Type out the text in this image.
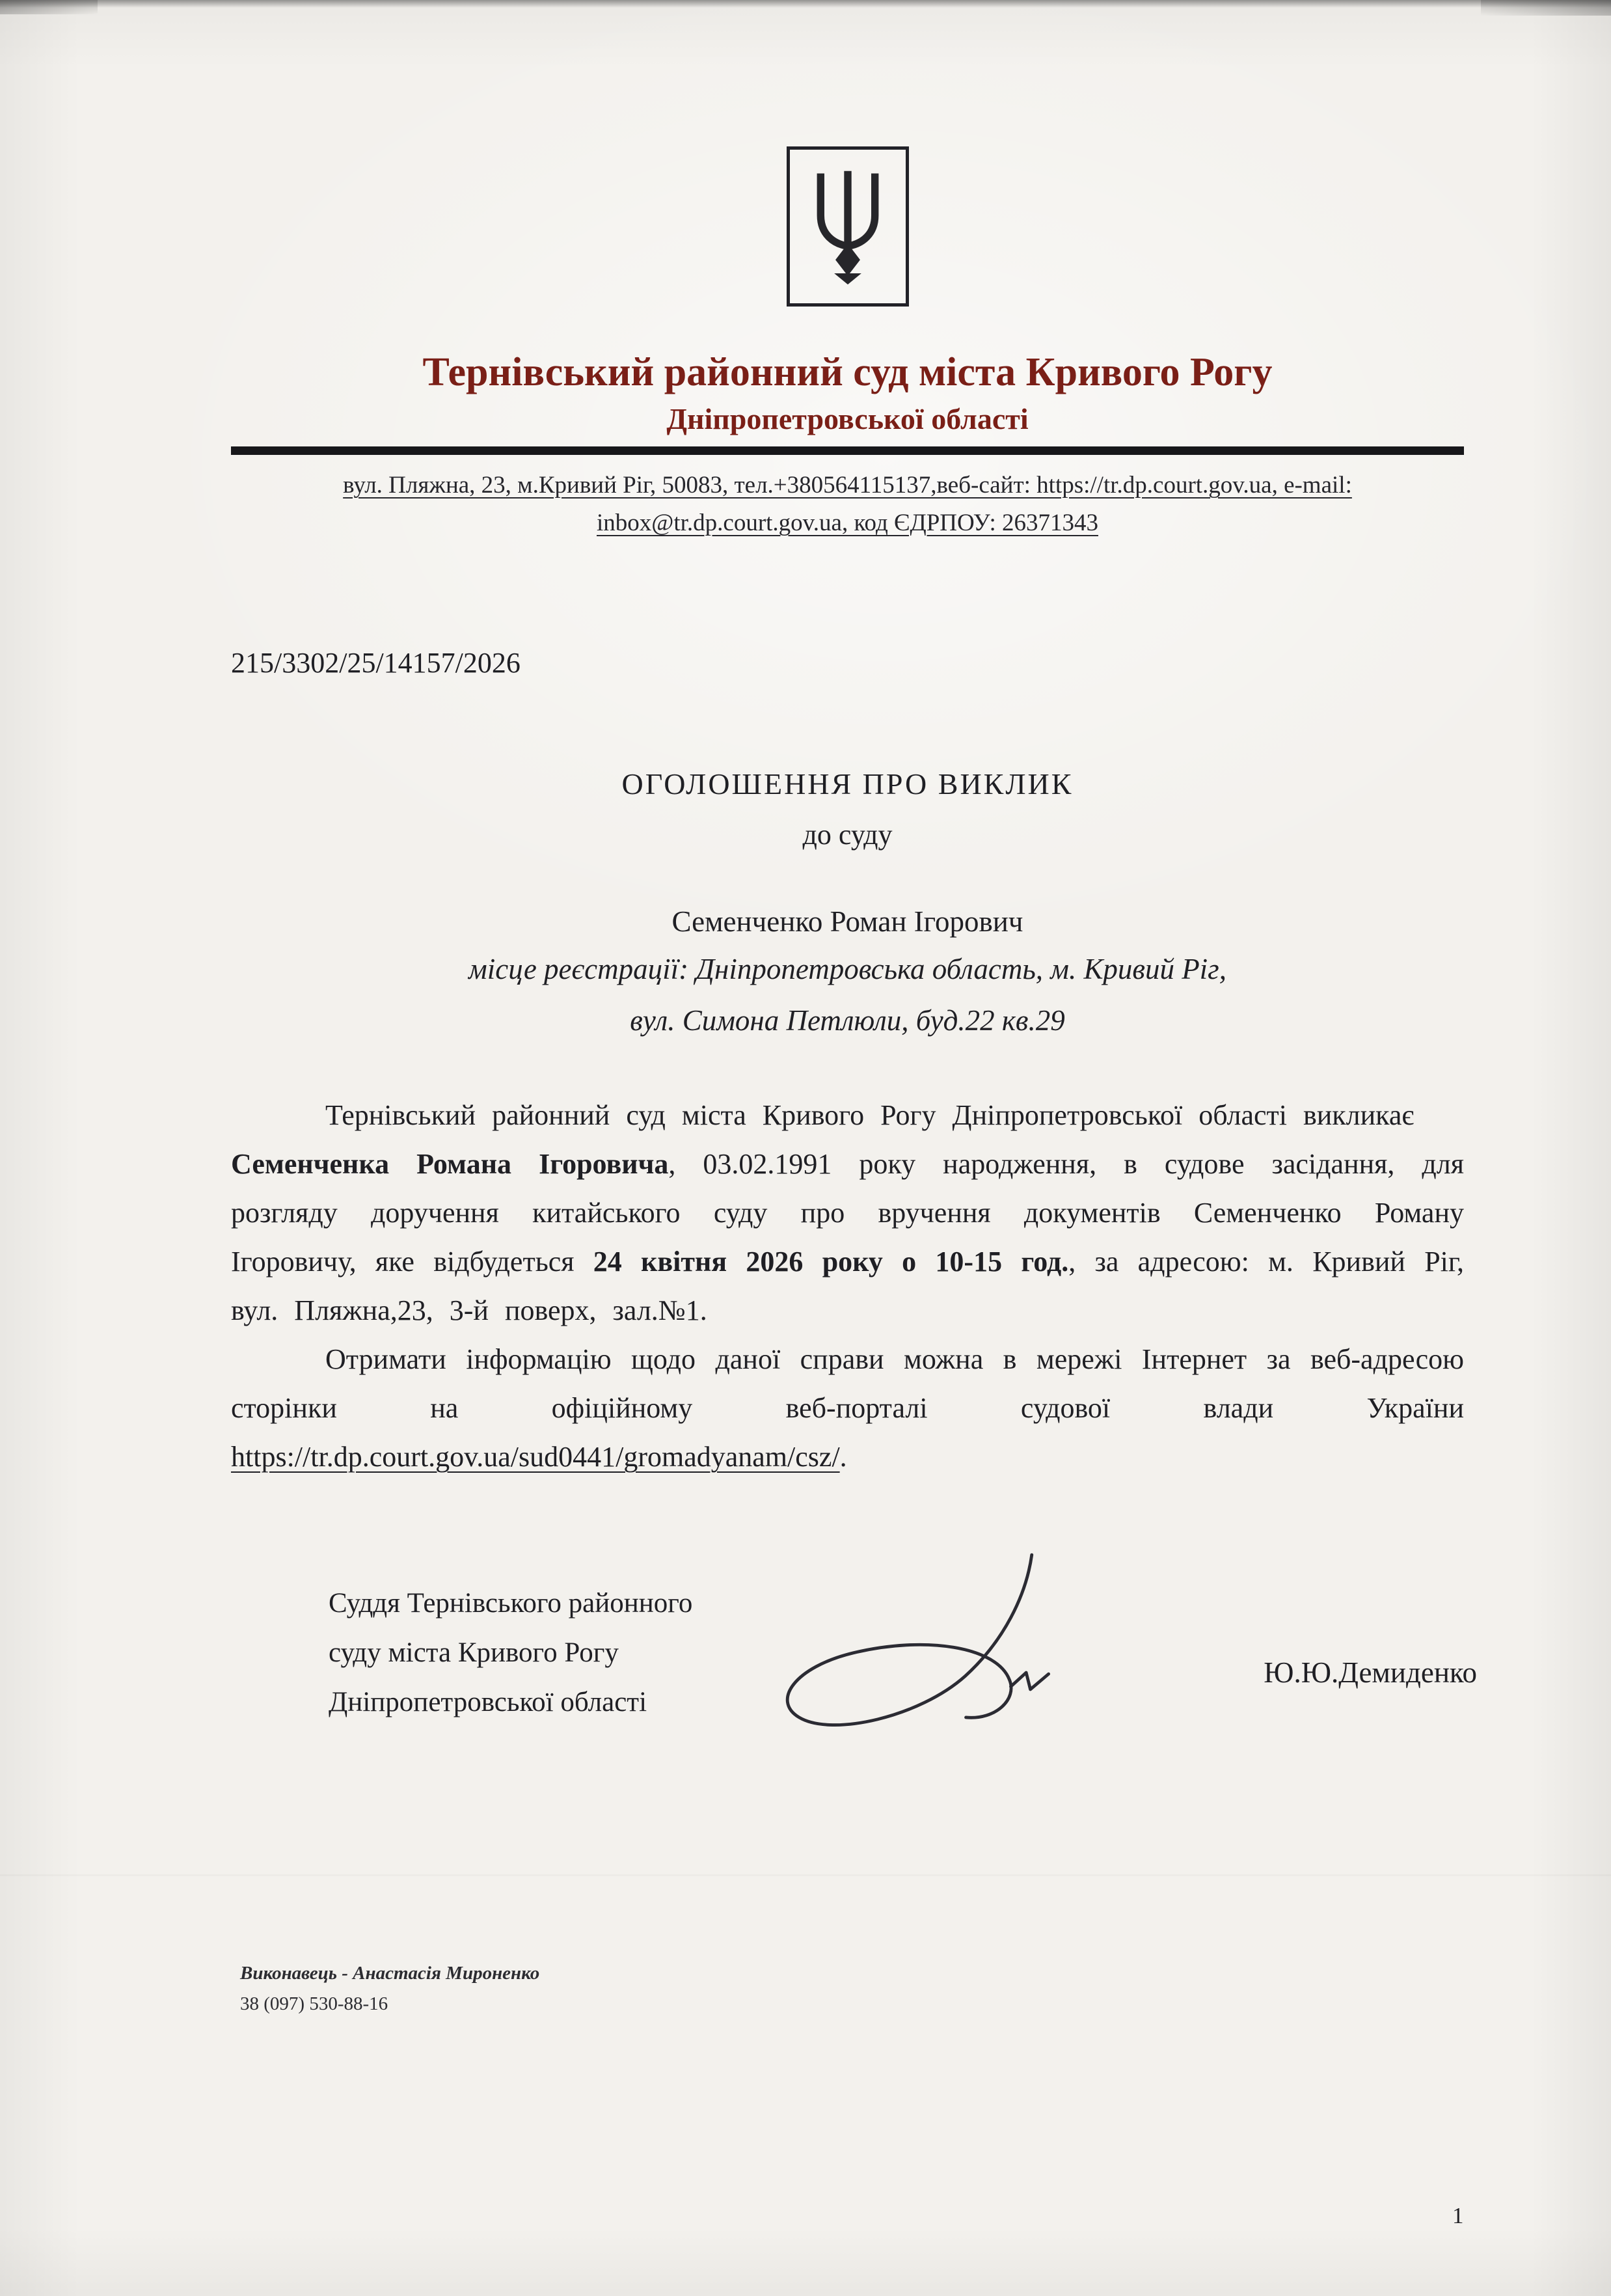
Тернівський районний суд міста Кривого Рогу
Дніпропетровської області
вул. Пляжна, 23, м.Кривий Ріг, 50083, тел.+380564115137,веб-сайт: https://tr.dp.court.gov.ua, e-mail:
inbox@tr.dp.court.gov.ua, код ЄДРПОУ: 26371343
215/3302/25/14157/2026
ОГОЛОШЕННЯ ПРО ВИКЛИК
до суду
Семенченко Роман Ігорович
місце реєстрації: Дніпропетровська область, м. Кривий Ріг,
вул. Симона Петлюли, буд.22 кв.29

Тернівський районний суд міста Кривого Рогу Дніпропетровської області викликає

Семенченка Романа Ігоровича, 03.02.1991 року народження, в судове засідання, для розгляду доручення китайського суду про вручення документів Семенченко Роману Ігоровичу, яке відбудеться 24 квітня 2026 року о 10-15 год., за адресою: м. Кривий Ріг, вул. Пляжна,23, 3-й поверх, зал.№1.

Отримати інформацію щодо даної справи можна в мережі Інтернет за веб-адресою сторінки на офіційному веб-порталі судової влади України https://tr.dp.court.gov.ua/sud0441/gromadyanam/csz/.

Суддя Тернівського районного
суду міста Кривого Рогу
Дніпропетровської області
Ю.Ю.Демиденко
Виконавець - Анастасія Мироненко
38 (097) 530-88-16
1
